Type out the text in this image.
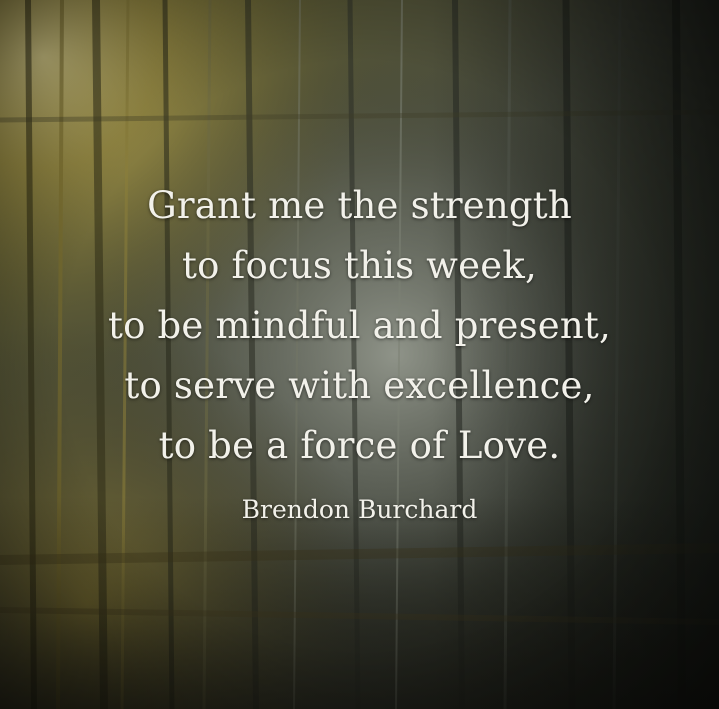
Grant me the strength
to focus this week,
to be mindful and present,
to serve with excellence,
to be a force of Love.
Brendon Burchard
